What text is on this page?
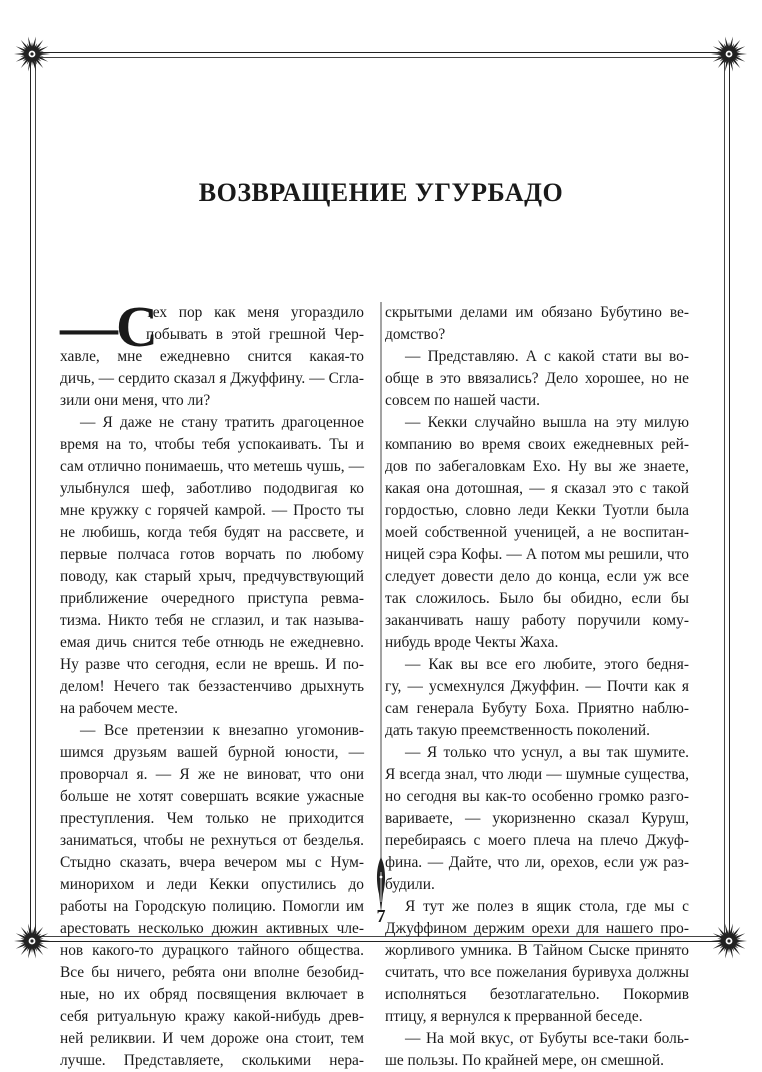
ВОЗВРАЩЕНИЕ УГУРБАДО
—С
тех пор как меня угораздило
побывать в этой грешной Чер-
хавле, мне ежедневно снится какая-то
дичь, — сердито сказал я Джуффину. — Сгла-
зили они меня, что ли?
— Я даже не стану тратить драгоценное
время на то, чтобы тебя успокаивать. Ты и
сам отлично понимаешь, что метешь чушь, —
улыбнулся шеф, заботливо пододвигая ко
мне кружку с горячей камрой. — Просто ты
не любишь, когда тебя будят на рассвете, и
первые полчаса готов ворчать по любому
поводу, как старый хрыч, предчувствующий
приближение очередного приступа ревма-
тизма. Никто тебя не сглазил, и так называ-
емая дичь снится тебе отнюдь не ежедневно.
Ну разве что сегодня, если не врешь. И по-
делом! Нечего так беззастенчиво дрыхнуть
на рабочем месте.
— Все претензии к внезапно угомонив-
шимся друзьям вашей бурной юности, —
проворчал я. — Я же не виноват, что они
больше не хотят совершать всякие ужасные
преступления. Чем только не приходится
заниматься, чтобы не рехнуться от безделья.
Стыдно сказать, вчера вечером мы с Нум-
минорихом и леди Кекки опустились до
работы на Городскую полицию. Помогли им
арестовать несколько дюжин активных чле-
нов какого-то дурацкого тайного общества.
Все бы ничего, ребята они вполне безобид-
ные, но их обряд посвящения включает в
себя ритуальную кражу какой-нибудь древ-
ней реликвии. И чем дороже она стоит, тем
лучше. Представляете, сколькими нера-
скрытыми делами им обязано Бубутино ве-
домство?
— Представляю. А с какой стати вы во-
обще в это ввязались? Дело хорошее, но не
совсем по нашей части.
— Кекки случайно вышла на эту милую
компанию во время своих ежедневных рей-
дов по забегаловкам Ехо. Ну вы же знаете,
какая она дотошная, — я сказал это с такой
гордостью, словно леди Кекки Туотли была
моей собственной ученицей, а не воспитан-
ницей сэра Кофы. — А потом мы решили, что
следует довести дело до конца, если уж все
так сложилось. Было бы обидно, если бы
заканчивать нашу работу поручили кому-
нибудь вроде Чекты Жаха.
— Как вы все его любите, этого бедня-
гу, — усмехнулся Джуффин. — Почти как я
сам генерала Бубуту Боха. Приятно наблю-
дать такую преемственность поколений.
— Я только что уснул, а вы так шумите.
Я всегда знал, что люди — шумные существа,
но сегодня вы как-то особенно громко разго-
вариваете, — укоризненно сказал Куруш,
перебираясь с моего плеча на плечо Джуф-
фина. — Дайте, что ли, орехов, если уж раз-
будили.
Я тут же полез в ящик стола, где мы с
Джуффином держим орехи для нашего про-
жорливого умника. В Тайном Сыске принято
считать, что все пожелания буривуха должны
исполняться безотлагательно. Покормив
птицу, я вернулся к прерванной беседе.
— На мой вкус, от Бубуты все-таки боль-
ше пользы. По крайней мере, он смешной.
7
